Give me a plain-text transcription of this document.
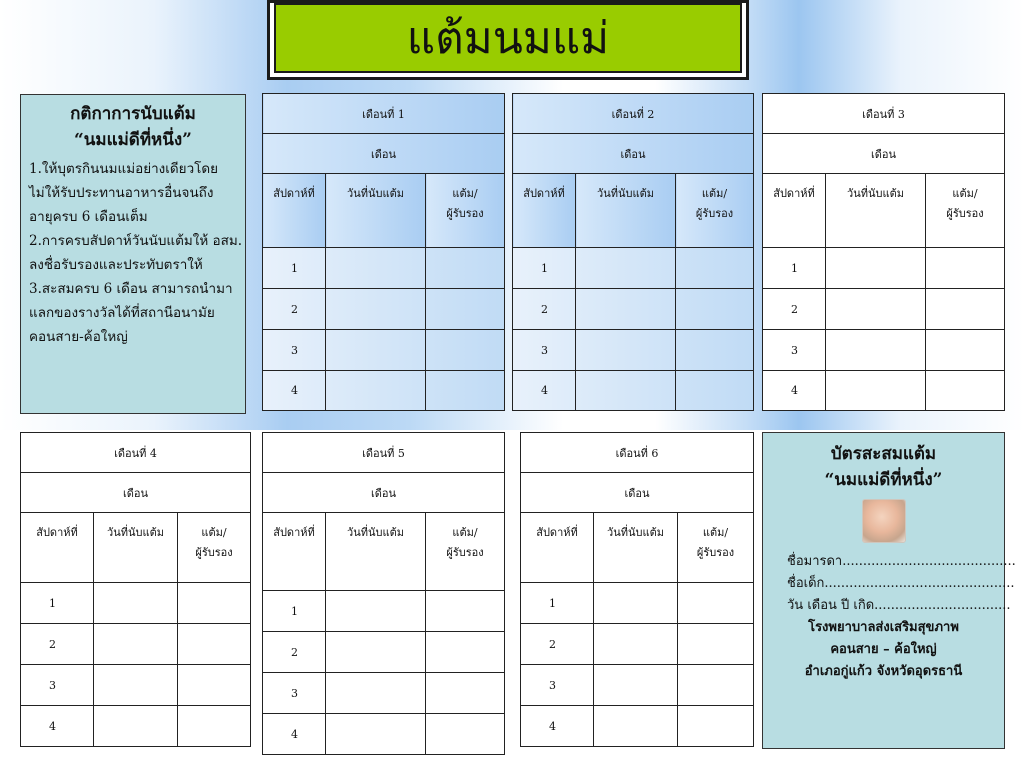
แต้มนมแม่
กติกาการนับแต้ม
“นมแม่ดีที่หนึ่ง”
1.ให้บุตรกินนมแม่อย่างเดียวโดย
ไม่ให้รับประทานอาหารอื่นจนถึง
อายุครบ 6 เดือนเต็ม
2.การครบสัปดาห์วันนับแต้มให้ อสม.
ลงชื่อรับรองและประทับตราให้
3.สะสมครบ 6 เดือน สามารถนำมา
แลกของรางวัลได้ที่สถานีอนามัย
คอนสาย-ค้อใหญ่
เดือนที่ 1		
เดือน		
สัปดาห์ที่	วันที่นับแต้ม	แต้ม/
ผู้รับรอง
1		
2		
3		
4		
เดือนที่ 2		
เดือน		
สัปดาห์ที่	วันที่นับแต้ม	แต้ม/
ผู้รับรอง
1		
2		
3		
4		
เดือนที่ 3		
เดือน		
สัปดาห์ที่	วันที่นับแต้ม	แต้ม/
ผู้รับรอง
1		
2		
3		
4		
เดือนที่ 4		
เดือน		
สัปดาห์ที่	วันที่นับแต้ม	แต้ม/
ผู้รับรอง
1		
2		
3		
4		
เดือนที่ 5		
เดือน		
สัปดาห์ที่	วันที่นับแต้ม	แต้ม/
ผู้รับรอง
1		
2		
3		
4		
เดือนที่ 6		
เดือน		
สัปดาห์ที่	วันที่นับแต้ม	แต้ม/
ผู้รับรอง
1		
2		
3		
4		
บัตรสะสมแต้ม
“นมแม่ดีที่หนึ่ง”
ชื่อมารดา..........................................
ชื่อเด็ก..............................................
วัน เดือน ปี เกิด.................................
โรงพยาบาลส่งเสริมสุขภาพ
คอนสาย – ค้อใหญ่
อำเภอกู่แก้ว จังหวัดอุดรธานี
